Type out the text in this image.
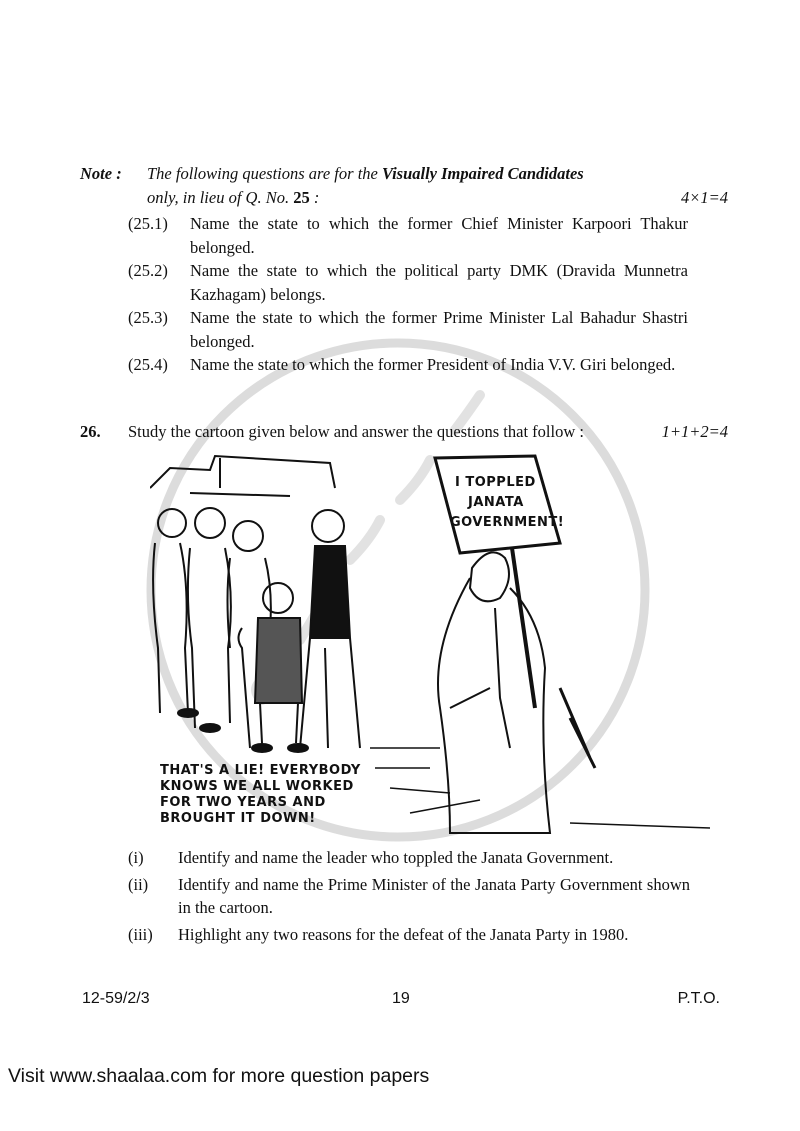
Note : The following questions are for the Visually Impaired Candidates
only, in lieu of Q. No. 25 :	4×1=4
(25.1)	Name the state to which the former Chief Minister Karpoori Thakur belonged.
(25.2)	Name the state to which the political party DMK (Dravida Munnetra Kazhagam) belongs.
(25.3)	Name the state to which the former Prime Minister Lal Bahadur Shastri belonged.
(25.4)	Name the state to which the former President of India V.V. Giri belonged.
26. Study the cartoon given below and answer the questions that follow :	1+1+2=4
I TOPPLED
JANATA
GOVERNMENT!
THAT'S A LIE! EVERYBODY
KNOWS WE ALL WORKED
FOR TWO YEARS AND
BROUGHT IT DOWN!
(i)	Identify and name the leader who toppled the Janata Government.
(ii)	Identify and name the Prime Minister of the Janata Party Government shown in the cartoon.
(iii)	Highlight any two reasons for the defeat of the Janata Party in 1980.
12-59/2/3	19	P.T.O.
Visit www.shaalaa.com for more question papers
